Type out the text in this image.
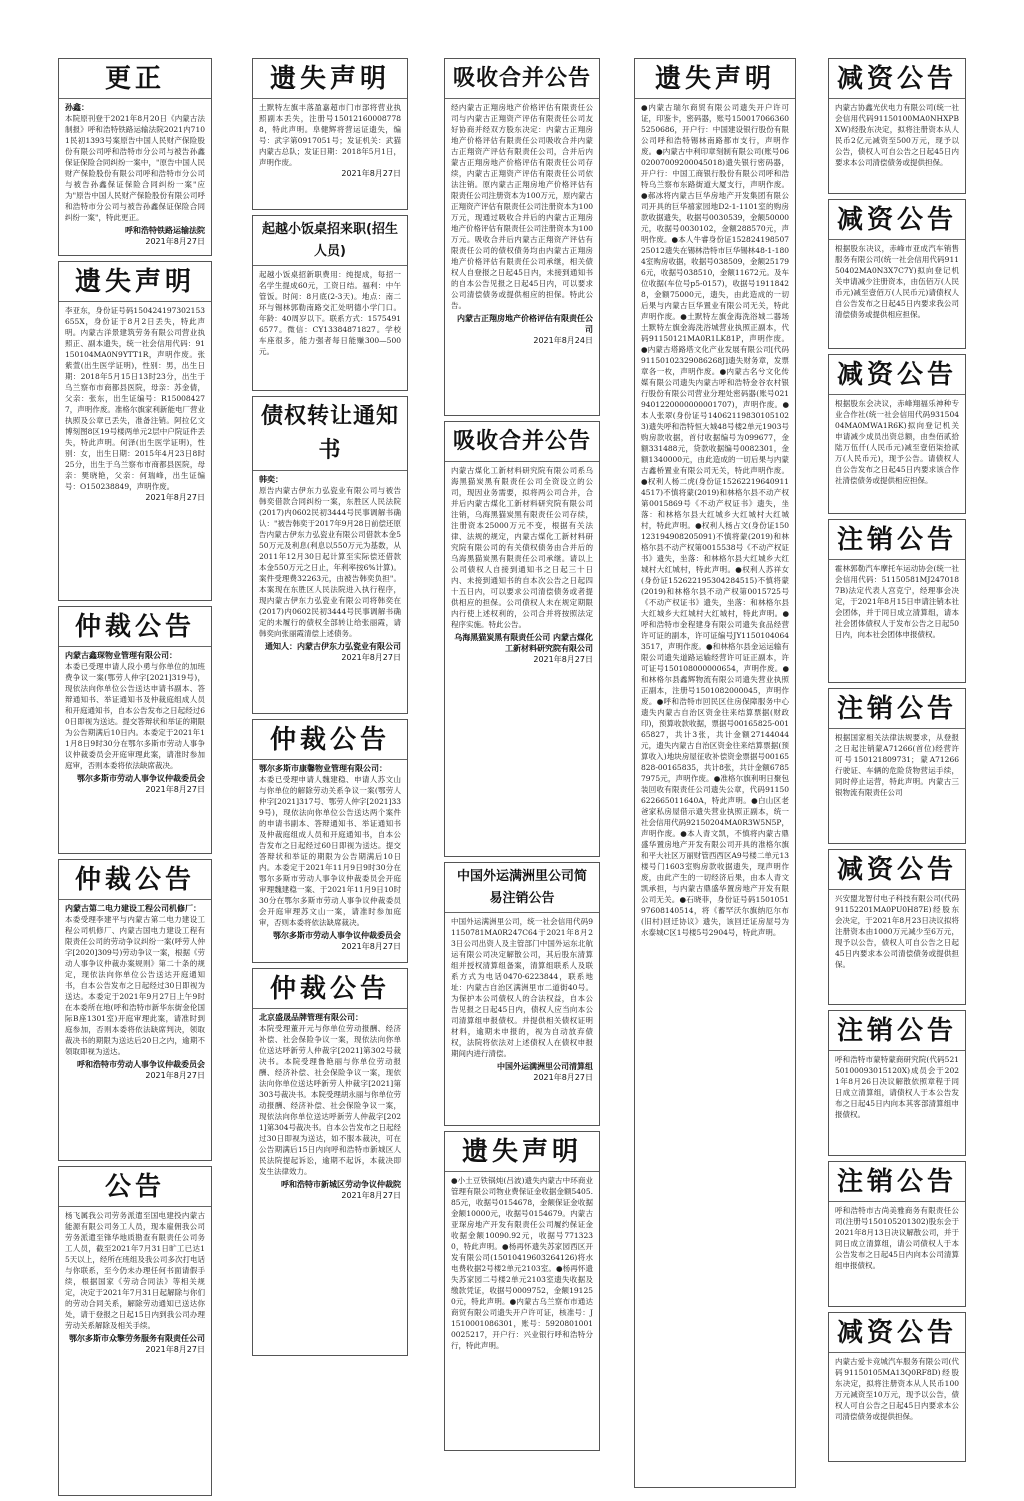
更正

孙鑫：

本院原刊登于2021年8月20日《内蒙古法制报》呼和浩特铁路运输法院2021内7101民初1393号案原告中国人民财产保险股份有限公司呼和浩特市分公司与被告孙鑫保证保险合同纠纷一案中，"原告中国人民财产保险股份有限公司呼和浩特市分公司与被告孙鑫保证保险合同纠纷一案"应为"原告中国人民财产保险股份有限公司呼和浩特市分公司与被告孙鑫保证保险合同纠纷一案"，特此更正。

呼和浩特铁路运输法院

2021年8月27日

遗失声明

李亚东，身份证号码150424197302153655X，身份证于8月2日丢失，特此声明。内蒙古洋景建筑劳务有限公司营业执照正、副本遗失，统一社会信用代码：91150104MA0N9YTT1R，声明作废。张紫萱(出生医学证明)，性别：男，出生日期：2018年5月15日13时23分，出生于乌兰察布市商都县医院，母亲：苏金倩，父亲：张东，出生证编号：R150084277，声明作废。准格尔旗家利新能电厂营业执照及公章已丢失，准备注销。阿拉亿文博刻图8区19号楼两单元2层中户院证件丢失，特此声明。何泽(出生医学证明)，性别：女，出生日期：2015年4月23日8时25分，出生于乌兰察布市商都县医院，母亲：樊晓艳，父亲：何瑞峰，出生证编号：O150238849，声明作废。

2021年8月27日

仲裁公告

内蒙古鑫琛物业管理有限公司：

本委已受理申请人段小勇与你单位的加班费争议一案(鄂劳人仲字[2021]319号)，现依法向你单位公告送达申请书副本、答辩通知书、举证通知书及仲裁庭组成人员和开庭通知书，自本公告发布之日起经过60日即视为送达。提交答辩状和举证的期限为公告期满后10日内。本委定于2021年11月8日9时30分在鄂尔多斯市劳动人事争议仲裁委员会开庭审理此案，请准时参加庭审，否则本委将依法缺席裁决。

鄂尔多斯市劳动人事争议仲裁委员会

2021年8月27日

仲裁公告

内蒙古第二电力建设工程公司机修厂：

本委受理李建平与内蒙古第二电力建设工程公司机修厂、内蒙古国电力建设工程有限责任公司的劳动争议纠纷一案(呼劳人仲字[2020]309号)劳动争议一案，根据《劳动人事争议仲裁办案规则》第二十条的规定，现依法向你单位公告送达开庭通知书，自本公告发布之日起经过30日即视为送达。本委定于2021年9月27日上午9时在本委所在地(呼和浩特市新华东街金伦国际B座1301室)开庭审理此案，请准时到庭参加，否则本委将依法缺席判决，领取裁决书的期限为送达后20日之内，逾期不领取即视为送达。

呼和浩特市劳动人事争议仲裁委员会

2021年8月27日

公告

杨飞属我公司劳务派遣至国电建投内蒙古能源有限公司务工人员，现本雇佣我公司劳务派遣至锋华地质勘查有限责任公司务工人员，截至2021年7月31日旷工已达15天以上，经所在班组及我公司多次打电话与你联系，至今仍未办理任何书面请假手续，根据国家《劳动合同法》等相关规定，决定于2021年7月31日起解除与你们的劳动合同关系，解除劳动通知已送达你处，请于登报之日起15日内到我公司办理劳动关系解除及相关手续。

鄂尔多斯市众擎劳务服务有限责任公司

2021年8月27日

遗失声明

土默特左旗丰落盈嘉超市门市部将营业执照副本丢失，注册号150121600087788，特此声明。阜健辉将营运证遗失，编号：武字第0917051号；发证机关：武猫内蒙古总队；发证日期：2018年5月1日，声明作废。

2021年8月27日

起越小饭桌招来职(招生人员)

起越小饭桌招新职费用：纯提成，每招一名学生提成60元，工资日结。福利：中午管饭。时间：8月底(2-3天)。地点：南二环与锡林郭勒南路交汇处明德小学门口。年龄：40周岁以下。联系方式：15754916577。微信：CY13384871827。学校车座很多，能力强者每日能赚300—500元。

债权转让通知书

韩奕：

原告内蒙古伊东力弘瓷业有限公司与被告韩奕借款合同纠纷一案，东胜区人民法院(2017)内0602民初3444号民事调解书确认："被告韩奕于2017年9月28日前偿还原告内蒙古伊东力弘瓷业有限公司借款本金550万元及利息(利息以550万元为基数，从2011年12月30日起计算至实际偿还借款本金550万元之日止，年利率按6%计算)。案件受理费32263元，由被告韩奕负担"。本案现在东胜区人民法院进入执行程序，现内蒙古伊东力弘瓷业有限公司将韩奕在(2017)内0602民初3444号民事调解书确定的未履行的债权全部转让给张丽霞，请韩奕向张丽霞清偿上述债务。

通知人：内蒙古伊东力弘瓷业有限公司

2021年8月27日

仲裁公告

鄂尔多斯市康馨物业管理有限公司：

本委已受理申请人魏建稳、申请人苏文山与你单位的解除劳动关系争议一案(鄂劳人仲字[2021]317号、鄂劳人仲字[2021]339号)，现依法向你单位公告送达两个案件的申请书副本、答辩通知书、举证通知书及仲裁庭组成人员和开庭通知书，自本公告发布之日起经过60日即视为送达。提交答辩状和举证的期限为公告期满后10日内。本委定于2021年11月9日9时30分在鄂尔多斯市劳动人事争议仲裁委员会开庭审理魏建稳一案、于2021年11月9日10时30分在鄂尔多斯市劳动人事争议仲裁委员会开庭审理苏文山一案，请准时参加庭审，否则本委将依法缺席裁决。

鄂尔多斯市劳动人事争议仲裁委员会

2021年8月27日

仲裁公告

北京盛晟品牌管理有限公司：

本院受理董开元与你单位劳动报酬、经济补偿、社会保险争议一案，现依法向你单位送达呼新劳人仲裁字[2021]第302号裁决书。本院受理鲁艳丽与你单位劳动报酬、经济补偿、社会保险争议一案，现依法向你单位送达呼新劳人仲裁字[2021]第303号裁决书。本院受理胡永丽与你单位劳动报酬、经济补偿、社会保险争议一案，现依法向你单位送达呼新劳人仲裁字[2021]第304号裁决书。自本公告发布之日起经过30日即视为送达，如不服本裁决，可在公告期满后15日内向呼和浩特市新城区人民法院提起诉讼，逾期不起诉，本裁决即发生法律效力。

呼和浩特市新城区劳动争议仲裁院

2021年8月27日

吸收合并公告

经内蒙古正翔房地产价格评估有限责任公司与内蒙古正翔资产评估有限责任公司友好协商并经双方股东决定：内蒙古正翔房地产价格评估有限责任公司吸收合并内蒙古正翔资产评估有限责任公司，合并后内蒙古正翔房地产价格评估有限责任公司存续，内蒙古正翔资产评估有限责任公司依法注销。原内蒙古正翔房地产价格评估有限责任公司注册资本为100万元，原内蒙古正翔资产评估有限责任公司注册资本为100万元，现通过吸收合并后的内蒙古正翔房地产价格评估有限责任公司注册资本为100万元。吸收合并后内蒙古正翔资产评估有限责任公司的债权债务均由内蒙古正翔房地产价格评估有限责任公司承继，相关债权人自登报之日起45日内，未接到通知书的自本公告见报之日起45日内，可以要求公司清偿债务或提供相应的担保。特此公告。

内蒙古正翔房地产价格评估有限责任公司

2021年8月24日

吸收合并公告

内蒙古煤化工新材料研究院有限公司系乌海黑猫炭黑有限责任公司全资设立的公司，现因业务需要，拟将两公司合并，合并后内蒙古煤化工新材料研究院有限公司注销，乌海黑猫炭黑有限责任公司存续，注册资本25000万元不变，根据有关法律、法规的规定，内蒙古煤化工新材料研究院有限公司的有关债权债务由合并后的乌海黑猫炭黑有限责任公司承继。请以上公司债权人自接到通知书之日起三十日内、未接到通知书的自本次公告之日起四十五日内，可以要求公司清偿债务或者提供相应的担保。公司债权人未在规定期限内行使上述权利的，公司合并将按照法定程序实施。特此公告。

乌海黑猫炭黑有限责任公司 内蒙古煤化工新材料研究院有限公司

2021年8月27日

中国外运满洲里公司简易注销公告

中国外运满洲里公司，统一社会信用代码91150781MA0R247C64于2021年8月23日公司出资人及主管部门中国外运东北航运有限公司决定解散公司，其后股东清算组并授权清算组备案，清算组联系人及联系方式为电话0470-6223844，联系地址：内蒙古自治区满洲里市二道街40号。为保护本公司债权人的合法权益，自本公告见报之日起45日内，债权人应当向本公司清算组申报债权。并提供相关债权证明材料，逾期未申报的，视为自动放弃债权，法院将依法对上述债权人在债权申报期间内进行清偿。

中国外运满洲里公司清算组

2021年8月27日

遗失声明

●小土豆铁锅炖(吕波)遗失内蒙古中环商业管理有限公司物业费保证金收据金额5405.85元，收据号0154678，金额保证金收据金额10000元，收据号0154679。内蒙古亚琛房地产开发有限责任公司履约保证金收据金额10090.92元，收据号7713230，特此声明。●杨再怀遗失苏家园西区开发有限公司(15010419603264126)将水电费收据2号楼2单元2103室。●杨再怀遗失苏家园二号楼2单元2103室遗失收据及缴款凭证，收据号0009752，金额191250元，特此声明。●内蒙古乌兰察布市通达商贸有限公司遗失开户许可证，核准号：J1510001086301，账号：59208010010025217，开户行：兴业银行呼和浩特分行，特此声明。

遗失声明

●内蒙古瑞尔商贸有限公司遗失开户许可证，印鉴卡，密码器，账号1500170663605250686，开户行：中国建设银行股份有限公司呼和浩特锡林南路都市支行，声明作废。●内蒙古中利印章刻制有限公司(账号0602007009200045018)遗失银行密码器，开户行：中国工商银行股份有限公司呼和浩特乌兰察布东路街道大厦支行，声明作废。●郝冰将内蒙古巨华房地产开发集团有限公司开具的巨华禧家园地D2-1-1101室的购房款收据遗失，收据号0030539，金额50000元，收据号0030102，金额288570元，声明作废。●本人牛睿身份证15282419850725012遗失在锡林浩特市巨华锡林48-1-1804室购房收据，收据号038509，金额251796元，收据号038510，金额11672元。及车位收据(车位号p5-0157)，收据号19118428，金额75000元，遗失，由此造成的一切后果与内蒙古巨华置业有限公司无关，特此声明作废。●土默特左旗金海洗浴城二器场土默特左旗金海洗浴城营业执照正副本，代码91150121MA0R1LK81P，声明作废。●内蒙古塔路塔文化产业发展有限公司[代码91150102329086268J]遗失财务章，发票章各一枚，声明作废。●内蒙古名兮文化传媒有限公司遗失内蒙古呼和浩特金谷农村银行股份有限公司营业分理处密码器(账号0219401220000000001707)，声明作废。●本人张翠(身份证号140621198301051023)遗失呼和浩特恒大城48号楼2单元1903号购房款收据，首付收据编号为099677，金额331488元，贷款收据编号0082301，金额1340000元，由此造成的一切后果与内蒙古鑫桥置业有限公司无关，特此声明作废。●权利人杨二虎(身份证152622196409114517)不慎将蒙(2019)和林格尔县不动产权第0015869号《不动产权证书》遗失，坐落：和林格尔县大红城乡大红城村大红城村，特此声明。●权利人杨占文(身份证150123194908205091)不慎将蒙(2019)和林格尔县不动产权第0015538号《不动产权证书》遗失，坐落：和林格尔县大红城乡大红城村大红城村，特此声明。●权利人苏祥女(身份证152622195304284515)不慎将蒙(2019)和林格尔县不动产权第0015725号《不动产权证书》遗失，坐落：和林格尔县大红城乡大红城村大红城村，特此声明。●呼和浩特市金程建身有限公司遗失食品经营许可证的副本，许可证编号JY11501040643517，声明作废。●和林格尔县金运运输有限公司遗失道路运输经营许可证正副本，许可证号150108000000654，声明作废。●和林格尔县鑫辉物流有限公司遗失营业执照正副本，注册号1501082000045，声明作废。●呼和浩特市回民区住房保障服务中心遗失内蒙古自治区资金往来结算票据(财政印)，预算收款收据，票据号00165825-00165827，共计3张，共计金额27144044元，遗失内蒙古自治区资金往来结算票据(预算收入)地块房屋征收补偿资金票据号00165828-00165835，共计8张，共计金额67857975元，声明作废。●准格尔旗利明日聚包装回收有限责任公司遗失公章，代码91150622665011640A，特此声明。●白山区老爸家私房屋借示遗失营业执照正副本，统一社会信用代码92150204MA0R3W5N5P，声明作废。●本人青文凯，不慎将内蒙古鼎盛华置房地产开发有限公司开具的准格尔旗和平大社区万丽财管西西区A9号楼二单元13楼号门1603室购房款收据遗失，现声明作废，由此产生的一切经济后果，由本人青文凯承担，与内蒙古鼎盛华置房地产开发有限公司无关。●石晓菲，身份证号码150105197608140514，将《蓄罕沃尔旗纳厄尔布(旧村)回迁协议》遗失，该回迁证房屋号为水泰城C区1号楼5号2904号，特此声明。

减资公告

内蒙古协鑫光伏电力有限公司(统一社会信用代码91150100MA0NHXPBXW)经股东决定，拟将注册资本从人民币2亿元减资至500万元，现予以公告，债权人可自公告之日起45日内要求本公司清偿债务或提供担保。

减资公告

根据股东决议，赤峰市亚成汽车销售服务有限公司(统一社会信用代码91150402MA0N3X7C7Y)拟向登记机关申请减少注册资本，由伍佰万(人民币元)减至壹佰万(人民币元)请债权人自公告发布之日起45日内要求我公司清偿债务或提供相应担保。

减资公告

根据股东会决议，赤峰翔福乐神种专业合作社(统一社会信用代码93150404MA0MWA1R6K)拟向登记机关申请减少成员出资总额，由叁佰贰拾陆万伍仟(人民币元)减至壹佰柒拾贰万(人民币元)，现予公告。请债权人自公告发布之日起45日内要求该合作社清偿债务或提供相应担保。

注销公告

霍林郭勒汽车摩托车运动协会(统一社会信用代码：51150581MJ2470187B)法定代表人宫克宁，经理事会决定，于2021年8月15日申请注销本社会团体，并于同日成立清算组，请本社会团体债权人于发布公告之日起50日内，向本社会团体申报债权。

注销公告

根据国家相关法律法规要求，从登报之日起注销蒙A71266(首位)经营许可号150121809731；蒙A71266行驶证、车辆的危险货物营运手续，同时停止运营，特此声明。内蒙古三银物流有限责任公司

减资公告

兴安盟龙智付电子科技有限公司(代码91152201MA0PU0H87E)经股东会决定，于2021年8月23日决议拟将注册资本由1000万元减少至6万元，现予以公告，债权人可自公告之日起45日内要求本公司清偿债务或提供担保。

注销公告

呼和浩特市蒙特蒙商研究院(代码52150100093015120X)成员会于2021年8月26日决议解散依照章程于同日成立清算组，请债权人于本公告发布之日起45日内向本其客部清算组申报债权。

注销公告

呼和浩特市古尚美雅商务有限责任公司(注册号150105201302)股东会于2021年8月13日决议解散公司，并于同日成立清算组，请公司债权人于本公告发布之日起45日内向本公司清算组申报债权。

减资公告

内蒙古爱卡竞城汽车服务有限公司(代码91150105MA13Q0RF8D)经股东决定，拟将注册资本从人民币100万元减资至10万元，现予以公告，债权人可自公告之日起45日内要求本公司清偿债务或提供担保。
